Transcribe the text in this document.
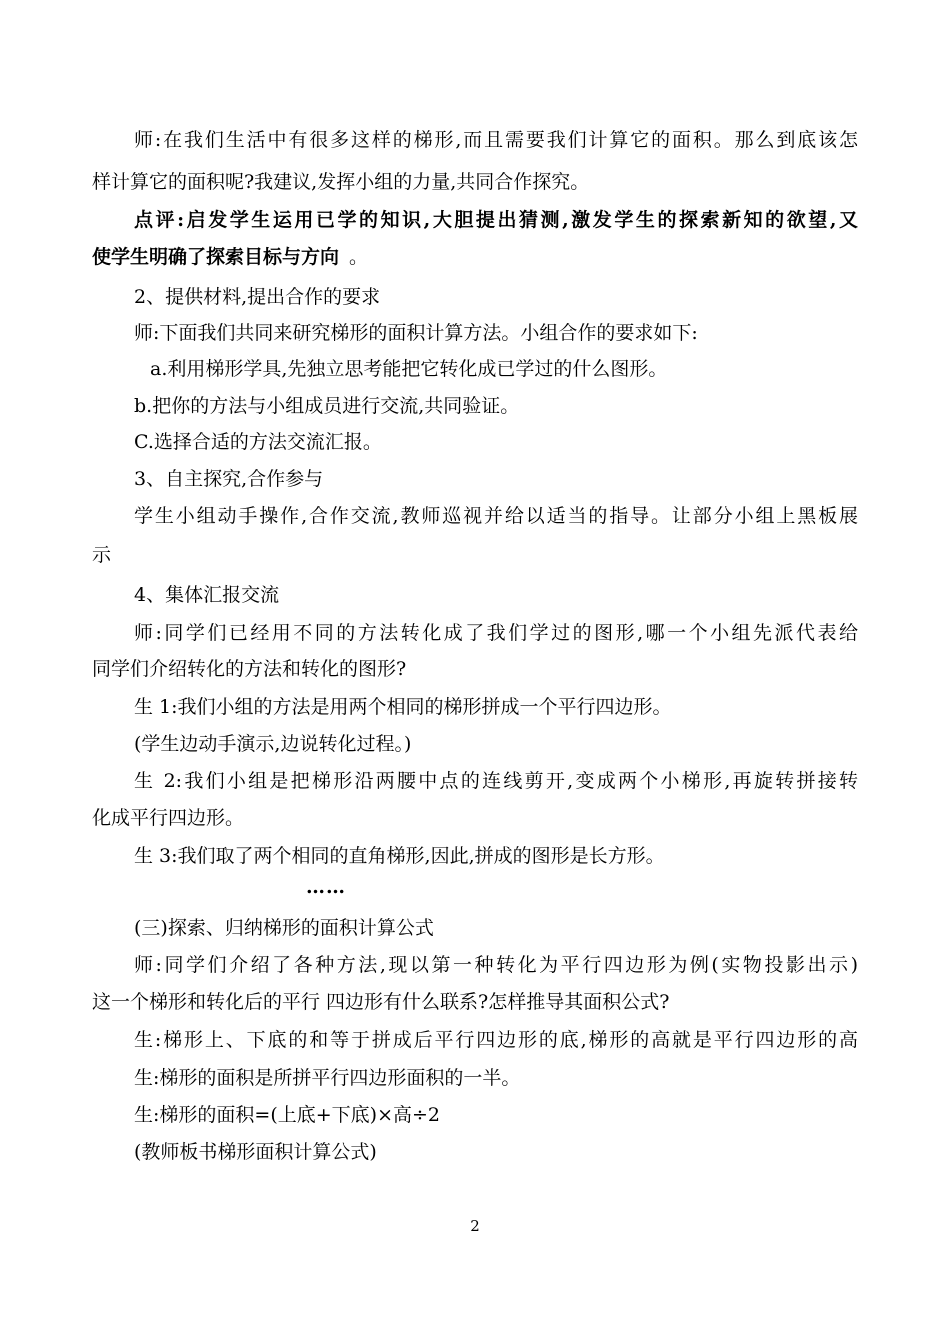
师:在我们生活中有很多这样的梯形,而且需要我们计算它的面积。那么到底该怎
样计算它的面积呢?我建议,发挥小组的力量,共同合作探究。
点评:启发学生运用已学的知识,大胆提出猜测,激发学生的探索新知的欲望,又
使学生明确了探索目标与方向 。
2、提供材料,提出合作的要求
师:下面我们共同来研究梯形的面积计算方法。小组合作的要求如下:
a.利用梯形学具,先独立思考能把它转化成已学过的什么图形。
b.把你的方法与小组成员进行交流,共同验证。
C.选择合适的方法交流汇报。
3、自主探究,合作参与
学生小组动手操作,合作交流,教师巡视并给以适当的指导。让部分小组上黑板展
示
4、集体汇报交流
师:同学们已经用不同的方法转化成了我们学过的图形,哪一个小组先派代表给
同学们介绍转化的方法和转化的图形?
生 1:我们小组的方法是用两个相同的梯形拼成一个平行四边形。
(学生边动手演示,边说转化过程。)
生 2:我们小组是把梯形沿两腰中点的连线剪开,变成两个小梯形,再旋转拼接转
化成平行四边形。
生 3:我们取了两个相同的直角梯形,因此,拼成的图形是长方形。
……
(三)探索、归纳梯形的面积计算公式
师:同学们介绍了各种方法,现以第一种转化为平行四边形为例(实物投影出示)
这一个梯形和转化后的平行 四边形有什么联系?怎样推导其面积公式?
生:梯形上、下底的和等于拼成后平行四边形的底,梯形的高就是平行四边形的高
生:梯形的面积是所拼平行四边形面积的一半。
生:梯形的面积=(上底+下底)×高÷2
(教师板书梯形面积计算公式)
2
